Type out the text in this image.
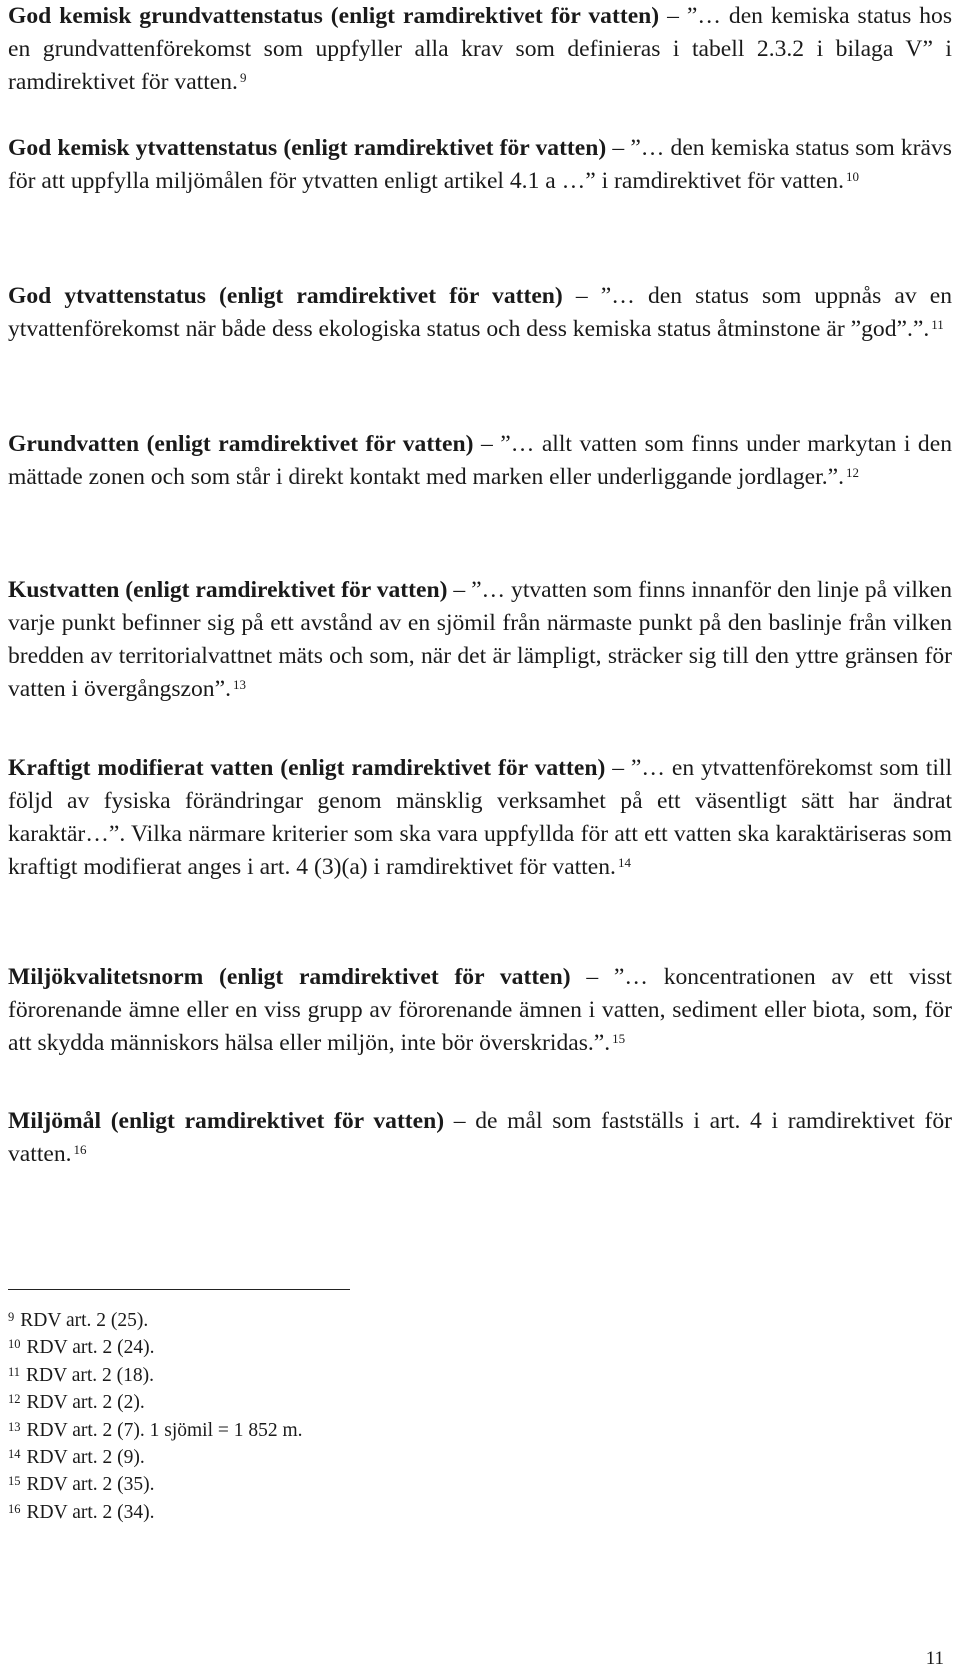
God kemisk grundvattenstatus (enligt ramdirektivet för vatten) – ”… den kemiska status hos en grundvattenförekomst som uppfyller alla krav som definieras i tabell 2.3.2 i bilaga V” i ramdirektivet för vatten. $^9$

God kemisk ytvattenstatus (enligt ramdirektivet för vatten) – ”… den kemiska status som krävs för att uppfylla miljömålen för ytvatten enligt artikel 4.1 a …” i ramdirektivet för vatten. $^{10}$

God ytvattenstatus (enligt ramdirektivet för vatten) – ”… den status som uppnås av en ytvattenförekomst när både dess ekologiska status och dess kemiska status åtminstone är ”god”.”. $^{11}$

Grundvatten (enligt ramdirektivet för vatten) – ”… allt vatten som finns under markytan i den mättade zonen och som står i direkt kontakt med marken eller underliggande jordlager.”. $^{12}$

Kustvatten (enligt ramdirektivet för vatten) – ”… ytvatten som finns innanför den linje på vilken varje punkt befinner sig på ett avstånd av en sjömil från närmaste punkt på den baslinje från vilken bredden av territorialvattnet mäts och som, när det är lämpligt, sträcker sig till den yttre gränsen för vatten i övergångszon”. $^{13}$

Kraftigt modifierat vatten (enligt ramdirektivet för vatten) – ”… en ytvattenförekomst som till följd av fysiska förändringar genom mänsklig verksamhet på ett väsentligt sätt har ändrat karaktär…”. Vilka närmare kriterier som ska vara uppfyllda för att ett vatten ska karaktäriseras som kraftigt modifierat anges i art. 4 (3)(a) i ramdirektivet för vatten. $^{14}$

Miljökvalitetsnorm (enligt ramdirektivet för vatten) – ”… koncentrationen av ett visst förorenande ämne eller en viss grupp av förorenande ämnen i vatten, sediment eller biota, som, för att skydda människors hälsa eller miljön, inte bör överskridas.”. $^{15}$

Miljömål (enligt ramdirektivet för vatten) – de mål som fastställs i art. 4 i ramdirektivet för vatten. $^{16}$

$^9$ RDV art. 2 (25).
$^{10}$ RDV art. 2 (24).
$^{11}$ RDV art. 2 (18).
$^{12}$ RDV art. 2 (2).
$^{13}$ RDV art. 2 (7). 1 sjömil = 1 852 m.
$^{14}$ RDV art. 2 (9).
$^{15}$ RDV art. 2 (35).
$^{16}$ RDV art. 2 (34).
11
